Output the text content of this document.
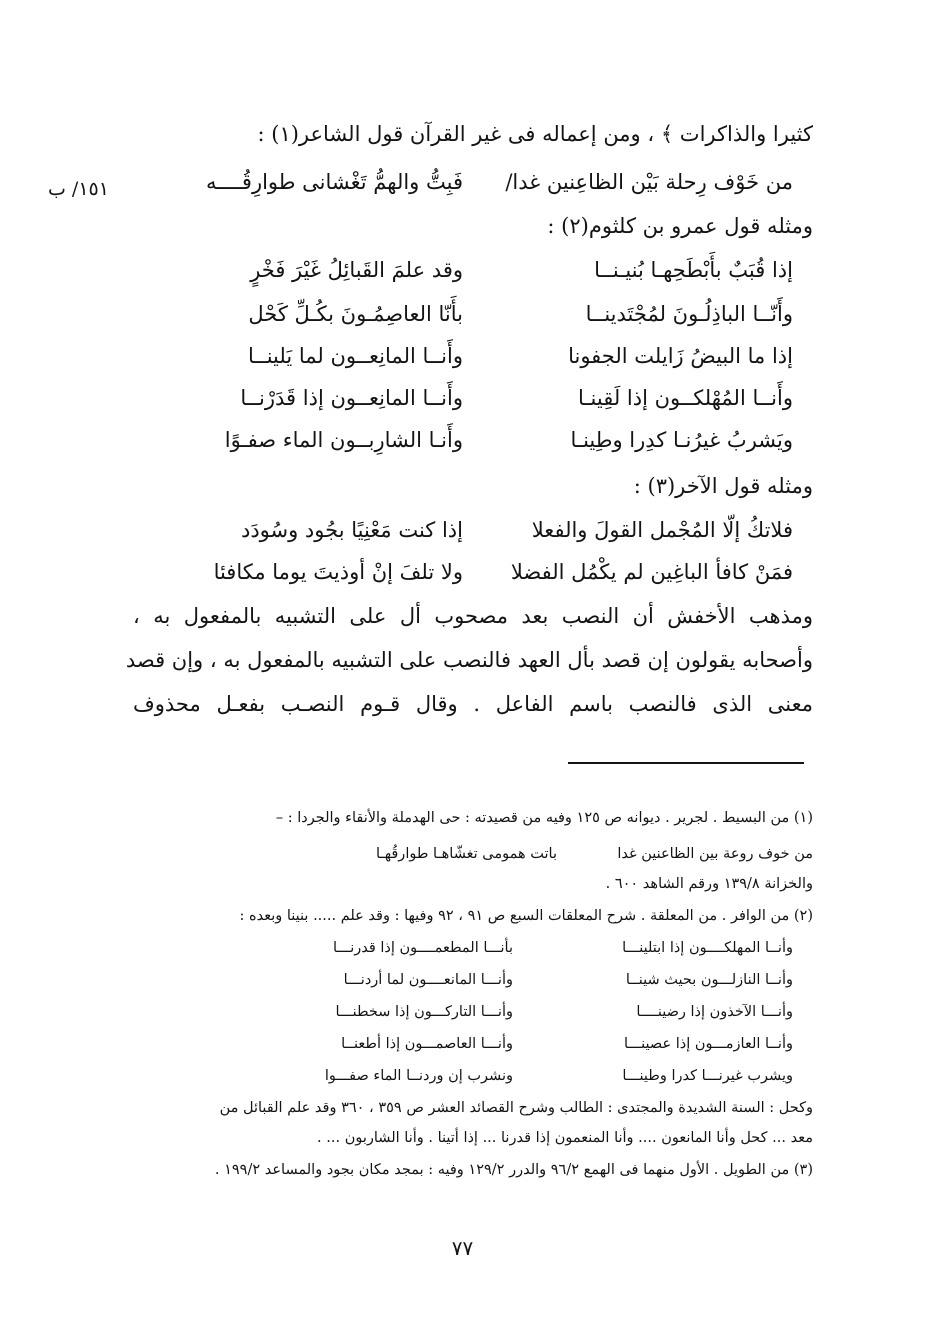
كثيرا والذاكرات ﴾ ، ومن إعماله فى غير القرآن قول الشاعر(١) :
فَبِتُّ والهمُّ تَغْشانى طوارِقُــــه	من خَوْف رِحلة بَيْن الظاعِنين غدا/
١٥١/ ب
ومثله قول عمرو بن كلثوم(٢) :
وقد علمَ القَبائِلُ غَيْرَ فَخْرٍ	إذا قُبَبٌ بأَبْطَحِهـا بُنيـنــا
بأَنّا العاصِمُـونَ بكُـلِّ كَحْل	وأَنّــا الباذِلُـونَ لمُجْتَدينــا
وأَنــا المانِعــون لما يَلينــا	إذا ما البيضُ زَايلت الجفونا
وأَنــا المانِعــون إذا قَدَرْنــا	وأَنــا المُهْلكــون إذا لَقِينـا
وأَنـا الشارِبــون الماء صفـوًا	ويَشربُ غيرُنـا كدِرا وطِينـا
ومثله قول الآخر(٣) :
إذا كنت مَعْنِيًا بجُود وسُودَد	فلاتكُ إلّا المُجْمل القولَ والفعلا
ولا تلفَ إنْ أوذيتَ يوما مكافئا	فمَنْ كافأ الباغِين لم يكْمُل الفضلا
ومذهب الأخفش أن النصب بعد مصحوب أل على التشبيه بالمفعول به ،
وأصحابه يقولون إن قصد بأل العهد فالنصب على التشبيه بالمفعول به ، وإن قصد
معنى الذى فالنصب باسم الفاعل . وقال قـوم النصـب بفعـل محذوف
(١) من البسيط . لجرير . ديوانه ص ١٢٥ وفيه من قصيدته : حى الهدملة والأنقاء والجردا : –
باتت همومى تغشّاهـا طوارقُهـا	من خوف روعة بين الظاعنين غدا
والخزانة ١٣٩/٨ ورقم الشاهد ٦٠٠ .
(٢) من الوافر . من المعلقة . شرح المعلقات السبع ص ٩١ ، ٩٢ وفيها : وقد علم ..... بنينا وبعده :
بأنـــا المطعمــــون إذا قدرنـــا	وأنــا المهلكــــون إذا ابتلينـــا
وأنـــا المانعــــون لما أردنـــا	وأنــا النازلـــون بحيث شينــا
وأنـــا التاركـــون إذا سخطنـــا	وأنـــا الآخذون إذا رضينــــا
وأنـــا العاصمـــون إذا أطعنــا	وأنــا العازمـــون إذا عصينـــا
ونشرب إن وردنــا الماء صفـــوا	ويشرب غيرنـــا كدرا وطينـــا
وكحل : السنة الشديدة والمجتدى : الطالب وشرح القصائد العشر ص ٣٥٩ ، ٣٦٠ وقد علم القبائل من
معد ... كحل وأنا المانعون .... وأنا المنعمون إذا قدرنا ... إذا أتينا . وأنا الشاربون ... .
(٣) من الطويل . الأول منهما فى الهمع ٩٦/٢ والدرر ١٢٩/٢ وفيه : بمجد مكان بجود والمساعد ١٩٩/٢ .
٧٧
